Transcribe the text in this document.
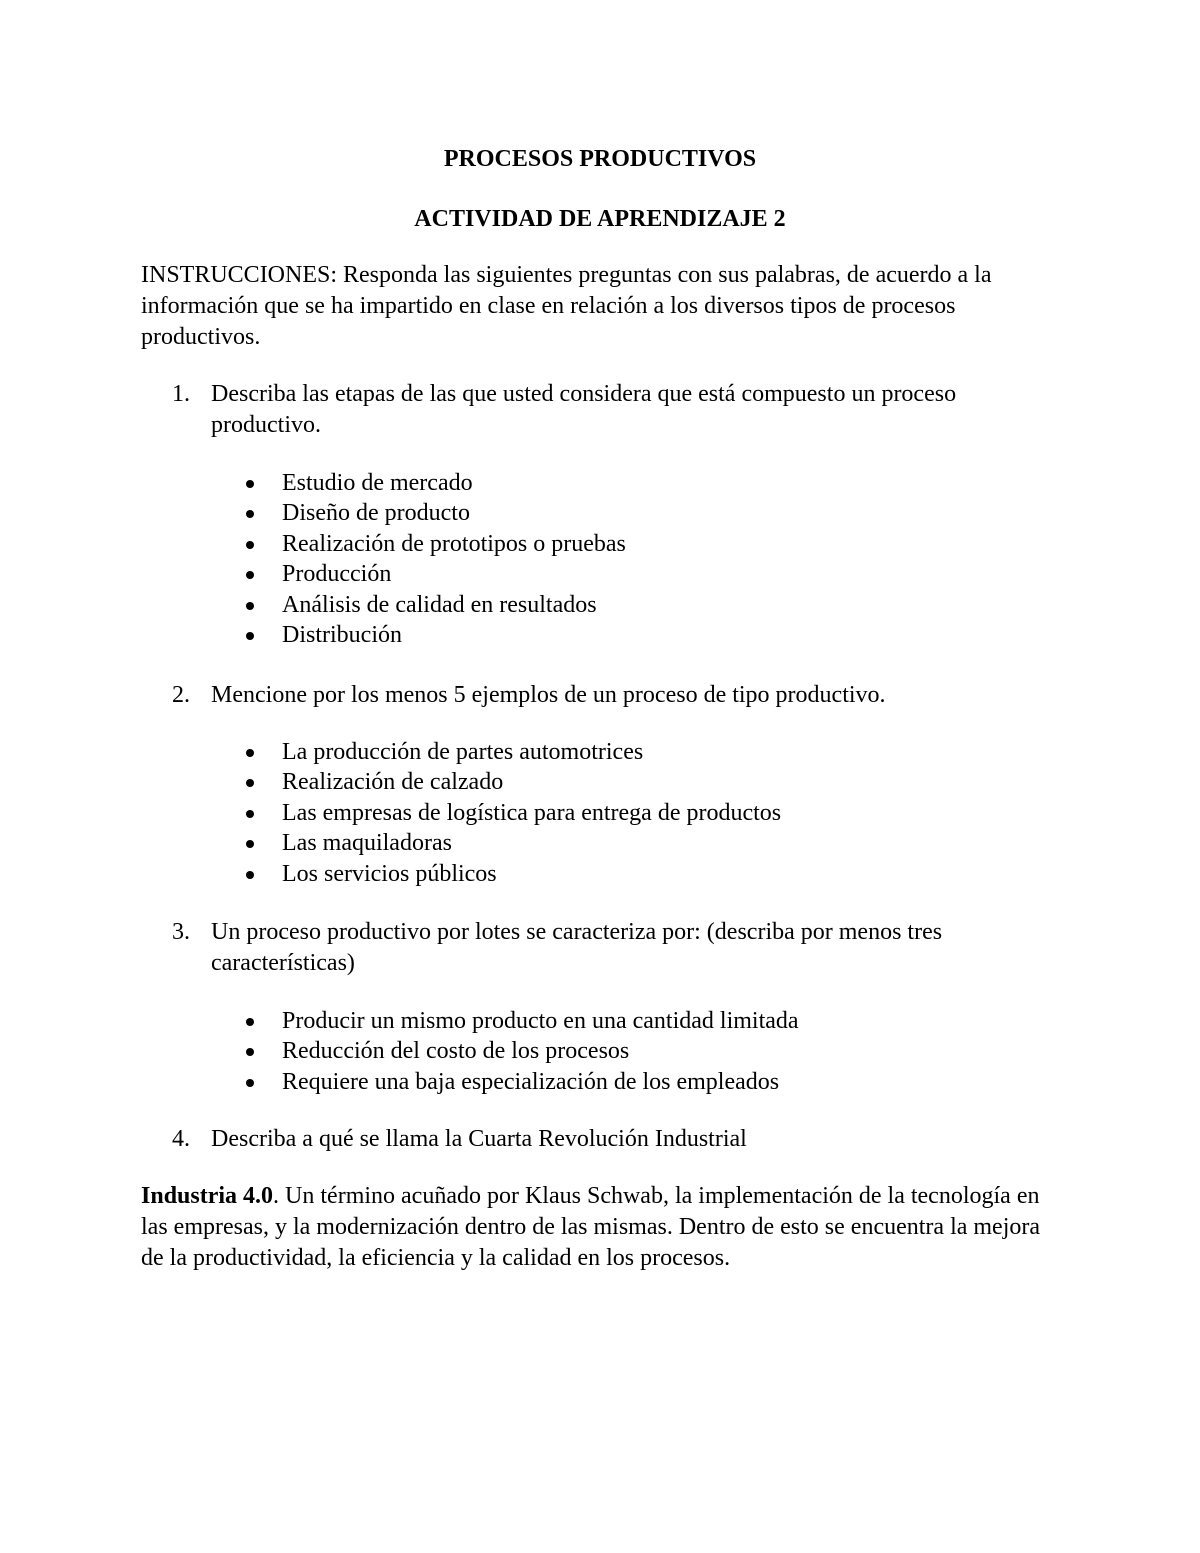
PROCESOS PRODUCTIVOS
ACTIVIDAD DE APRENDIZAJE 2
INSTRUCCIONES: Responda las siguientes preguntas con sus palabras, de acuerdo a la información que se ha impartido en clase en relación a los diversos tipos de procesos productivos.
1. Describa las etapas de las que usted considera que está compuesto un proceso productivo.
Estudio de mercado
Diseño de producto
Realización de prototipos o pruebas
Producción
Análisis de calidad en resultados
Distribución
2. Mencione por los menos 5 ejemplos de un proceso de tipo productivo.
La producción de partes automotrices
Realización de calzado
Las empresas de logística para entrega de productos
Las maquiladoras
Los servicios públicos
3. Un proceso productivo por lotes se caracteriza por: (describa por menos tres características)
Producir un mismo producto en una cantidad limitada
Reducción del costo de los procesos
Requiere una baja especialización de los empleados
4. Describa a qué se llama la Cuarta Revolución Industrial
Industria 4.0. Un término acuñado por Klaus Schwab, la implementación de la tecnología en las empresas, y la modernización dentro de las mismas. Dentro de esto se encuentra la mejora de la productividad, la eficiencia y la calidad en los procesos.
